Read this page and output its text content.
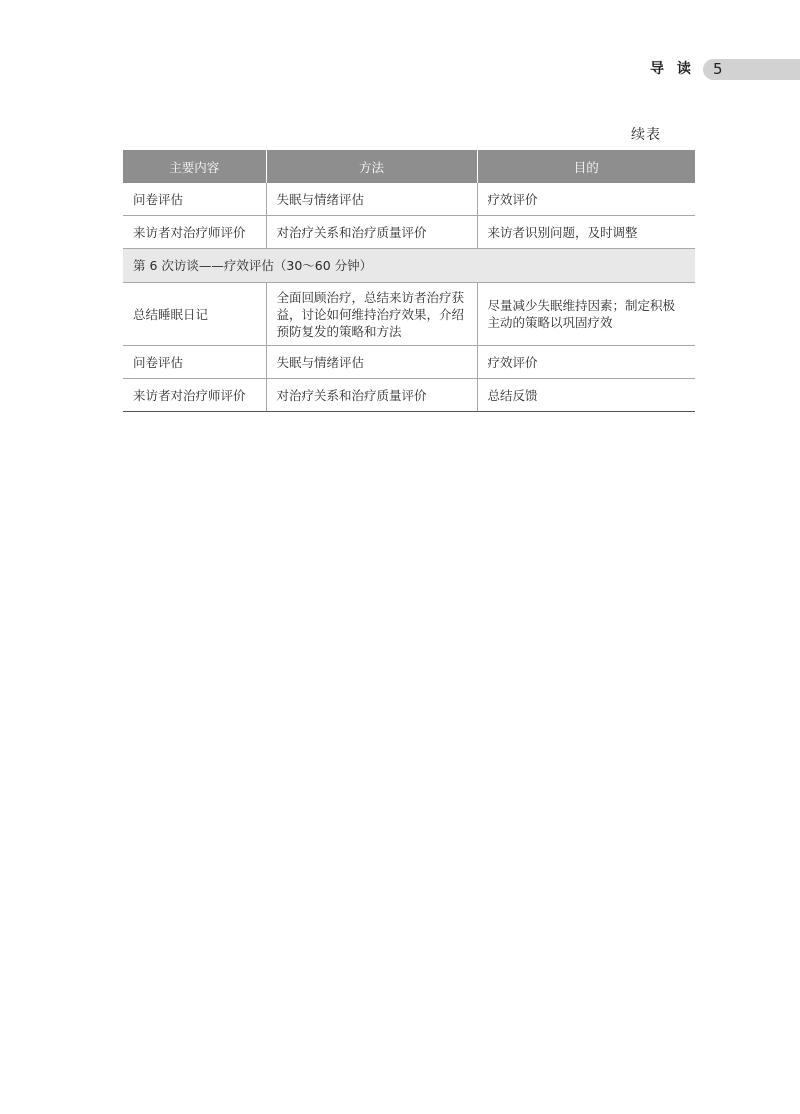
导 读 5
续表
主要内容	方法	目的
问卷评估	失眠与情绪评估	疗效评价
来访者对治疗师评价	对治疗关系和治疗质量评价	来访者识别问题，及时调整
第 6 次访谈——疗效评估（30～60 分钟）		
总结睡眠日记	全面回顾治疗，总结来访者治疗获益，讨论如何维持治疗效果，介绍预防复发的策略和方法	尽量减少失眠维持因素；制定积极主动的策略以巩固疗效
问卷评估	失眠与情绪评估	疗效评价
来访者对治疗师评价	对治疗关系和治疗质量评价	总结反馈
